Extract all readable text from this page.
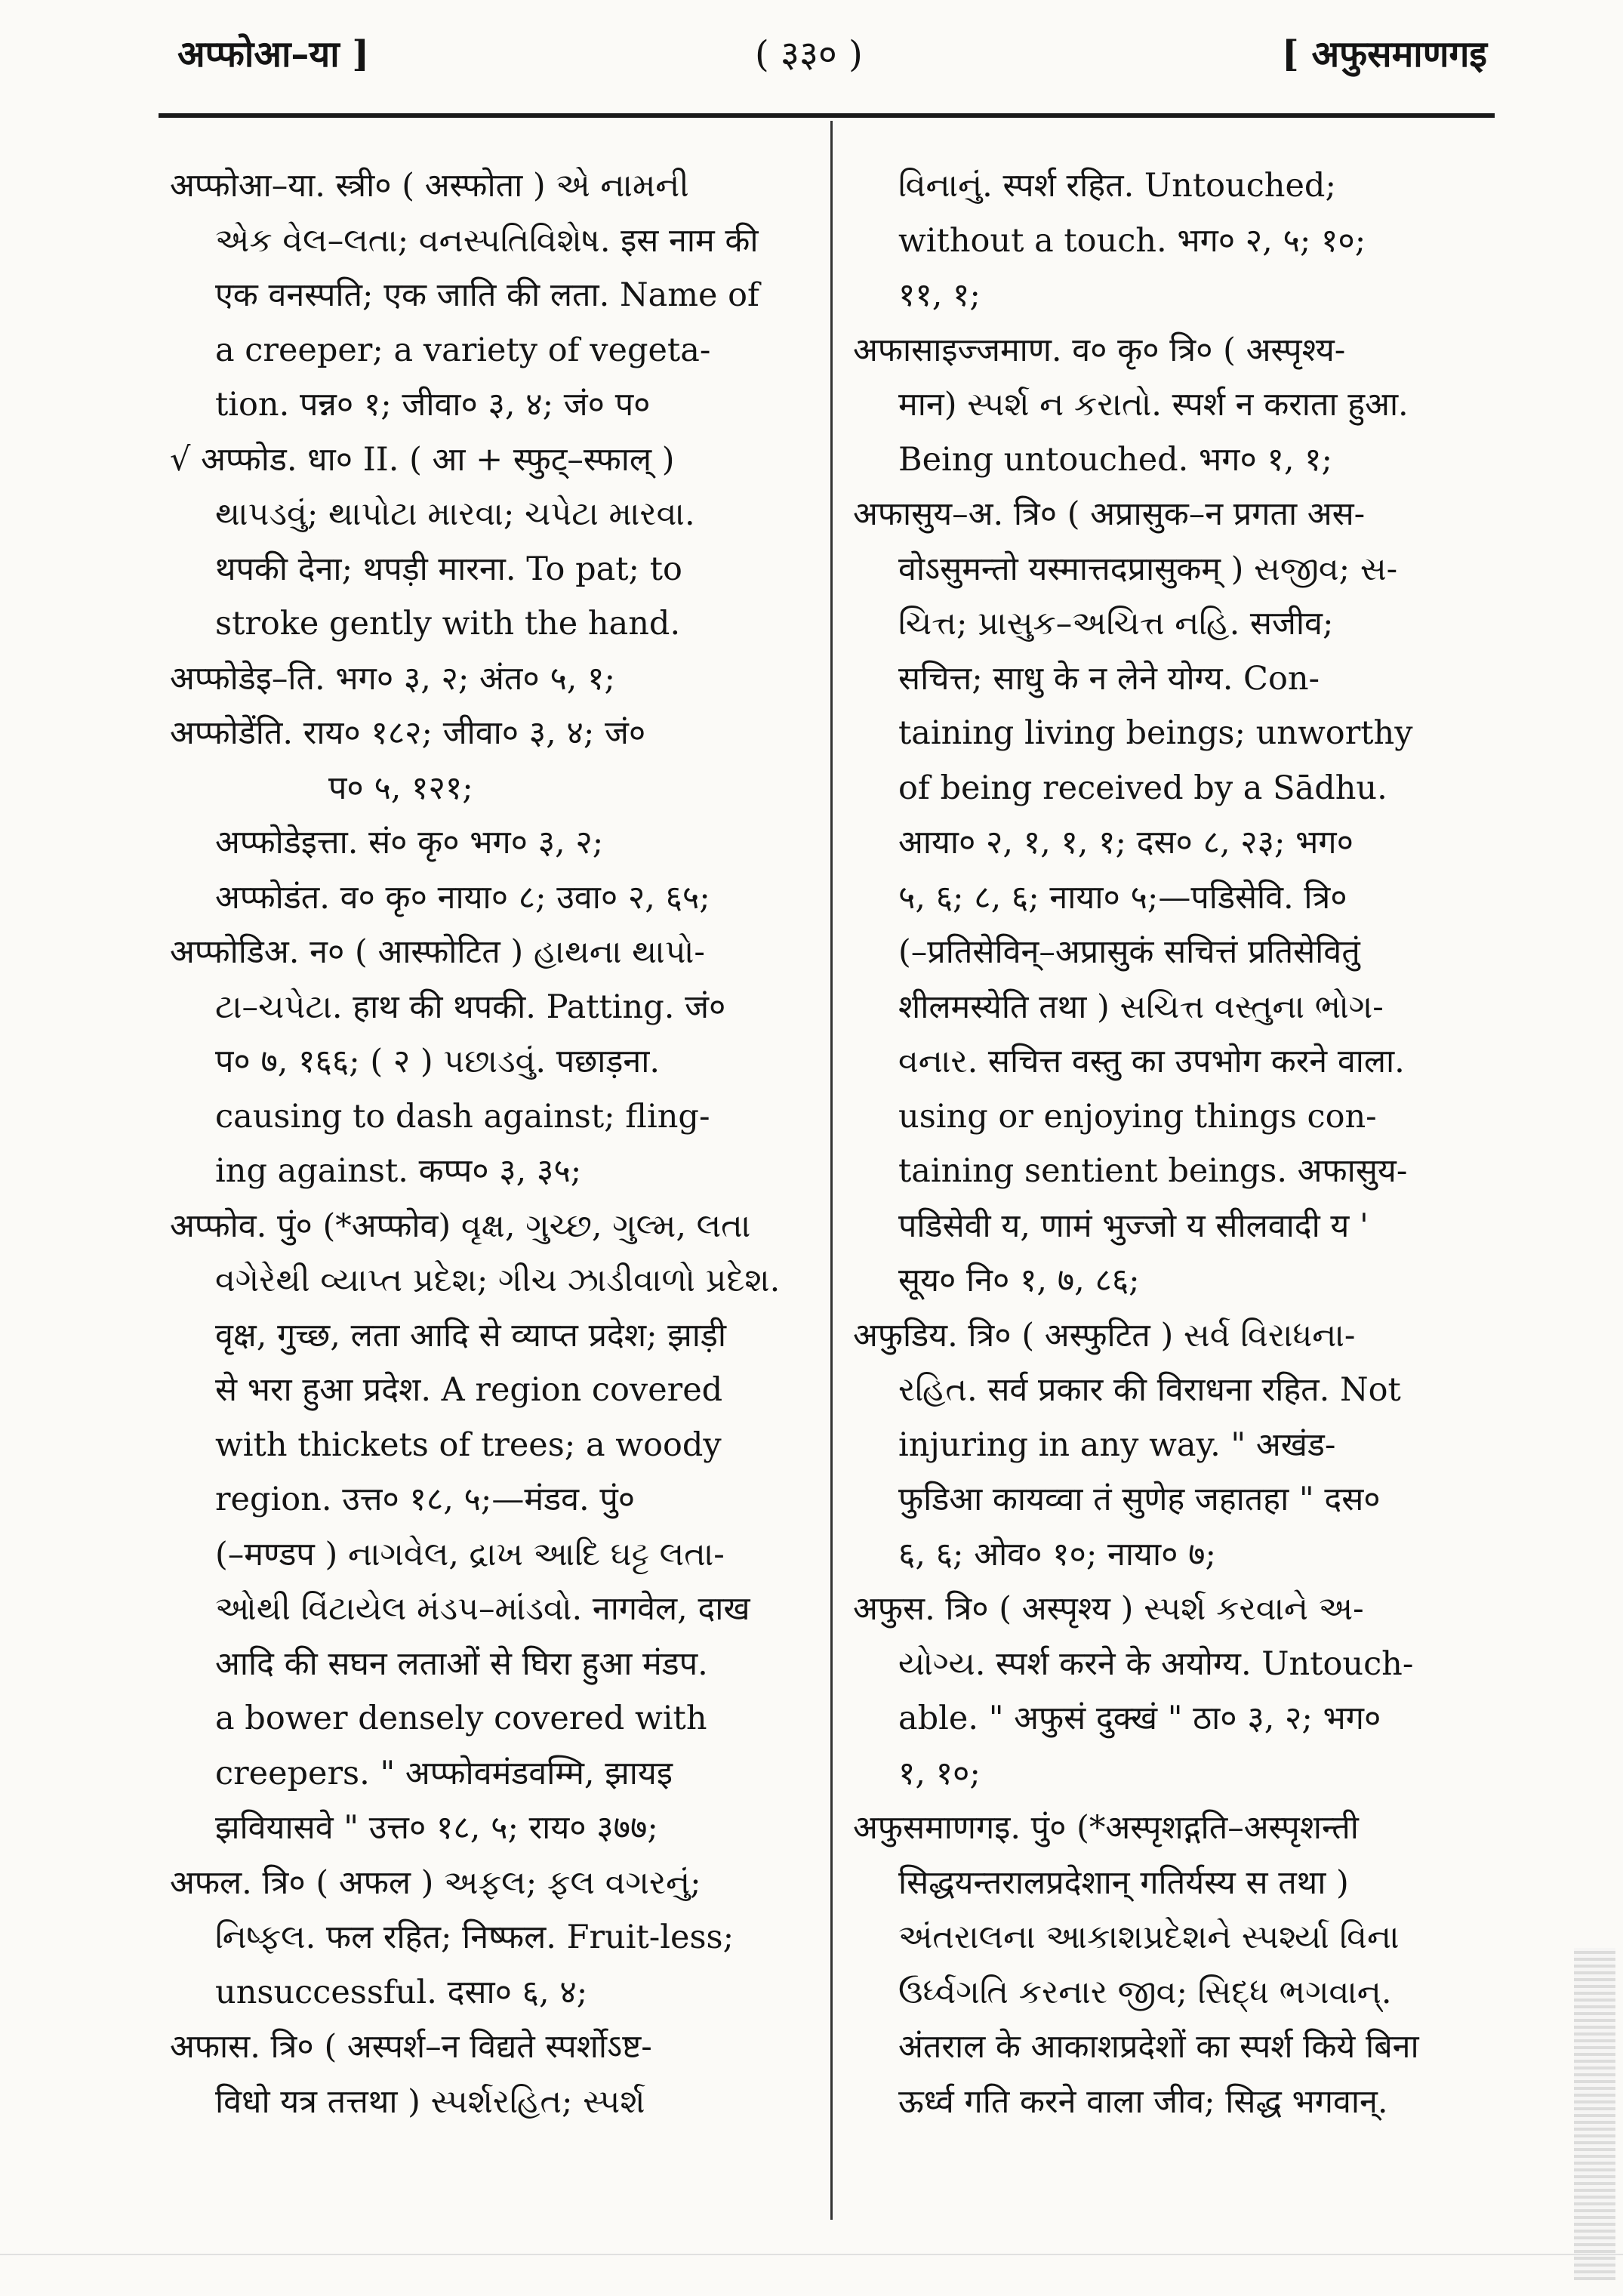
अप्फोआ–या ]	( ३३० )	[ अफुसमाणगइ
अप्फोआ–या. स्त्री० ( अस्फोता ) એ નામની
એક વેલ–લતા; વનસ્પતિવિશેષ. इस नाम की
एक वनस्पति; एक जाति की लता. Name of
a creeper; a variety of vegeta-
tion. पन्न० १; जीवा० ३, ४; जं० प०
√ अप्फोड. धा० II. ( आ + स्फुट्–स्फाल् )
થાપડવું; થાપોટા મારવા; ચપેટા મારવા.
थपकी देना; थपड़ी मारना. To pat; to
stroke gently with the hand.
अप्फोडेइ–ति. भग० ३, २; अंत० ५, १;
अप्फोडेंति. राय० १८२; जीवा० ३, ४; जं०
प० ५, १२१;
अप्फोडेइत्ता. सं० कृ० भग० ३, २;
अप्फोडंत. व० कृ० नाया० ८; उवा० २, ६५;
अप्फोडिअ. न० ( आस्फोटित ) હાથના થાપો-
ટા–ચપેટા. हाथ की थपकी. Patting. जं०
प० ७, १६६; ( २ ) પછાડવું. पछाड़ना.
causing to dash against; fling-
ing against. कप्प० ३, ३५;
अप्फोव. पुं० (*अप्फोव) વૃક્ષ, ગુચ્છ, ગુલ્મ, લતા
વગેરેથી વ્યાપ્ત પ્રદેશ; ગીચ ઝાડીવાળો પ્રદેશ.
वृक्ष, गुच्छ, लता आदि से व्याप्त प्रदेश; झाड़ी
से भरा हुआ प्रदेश. A region covered
with thickets of trees; a woody
region. उत्त० १८, ५;—मंडव. पुं०
(–मण्डप ) નાગવેલ, દ્રાખ આદિ ઘટ્ટ લતા-
ઓથી વિંટાયેલ મંડપ–માંડવો. नागवेल, दाख
आदि की सघन लताओं से घिरा हुआ मंडप.
a bower densely covered with
creepers. " अप्फोवमंडवम्मि, झायइ
झवियासवे " उत्त० १८, ५; राय० ३७७;
अफल. त्रि० ( अफल ) અફલ; ફલ વગરનું;
નિષ્ફલ. फल रहित; निष्फल. Fruit-less;
unsuccessful. दसा० ६, ४;
अफास. त्रि० ( अस्पर्श–न विद्यते स्पर्शोऽष्ट-
विधो यत्र तत्तथा ) સ્પર્શરહિત; સ્પર્શ
વિનાનું. स्पर्श रहित. Untouched;
without a touch. भग० २, ५; १०;
११, १;
अफासाइज्जमाण. व० कृ० त्रि० ( अस्पृश्य-
मान) સ્પર્શ ન કરાતો. स्पर्श न कराता हुआ.
Being untouched. भग० १, १;
अफासुय–अ. त्रि० ( अप्रासुक–न प्रगता अस-
वोऽसुमन्तो यस्मात्तदप्रासुकम् ) સજીવ; સ-
ચિત્ત; પ્રાસુક–અચિત્ત નહિ. सजीव;
सचित्त; साधु के न लेने योग्य. Con-
taining living beings; unworthy
of being received by a Sādhu.
आया० २, १, १, १; दस० ८, २३; भग०
५, ६; ८, ६; नाया० ५;—पडिसेवि. त्रि०
(–प्रतिसेविन्–अप्रासुकं सचित्तं प्रतिसेवितुं
शीलमस्येति तथा ) સચિત્ત વસ્તુના ભોગ-
વનાર. सचित्त वस्तु का उपभोग करने वाला.
using or enjoying things con-
taining sentient beings. अफासुय-
पडिसेवी य, णामं भुज्जो य सीलवादी य '
सूय० नि० १, ७, ८६;
अफुडिय. त्रि० ( अस्फुटित ) સર્વ વિરાધના-
રહિત. सर्व प्रकार की विराधना रहित. Not
injuring in any way. " अखंड-
फुडिआ कायव्वा तं सुणेह जहातहा " दस०
६, ६; ओव० १०; नाया० ७;
अफुस. त्रि० ( अस्पृश्य ) સ્પર્શ કરવાને અ-
યોગ્ય. स्पर्श करने के अयोग्य. Untouch-
able. " अफुसं दुक्खं " ठा० ३, २; भग०
१, १०;
अफुसमाणगइ. पुं० (*अस्पृशद्गति–अस्पृशन्ती
सिद्धयन्तरालप्रदेशान् गतिर्यस्य स तथा )
અંતરાલના આકાશપ્રદેશને સ્પર્શ્યા વિના
ઉર્ધ્વગતિ કરનાર જીવ; સિદ્ધ ભગવાન્.
अंतराल के आकाशप्रदेशों का स्पर्श किये बिना
ऊर्ध्व गति करने वाला जीव; सिद्ध भगवान्.
